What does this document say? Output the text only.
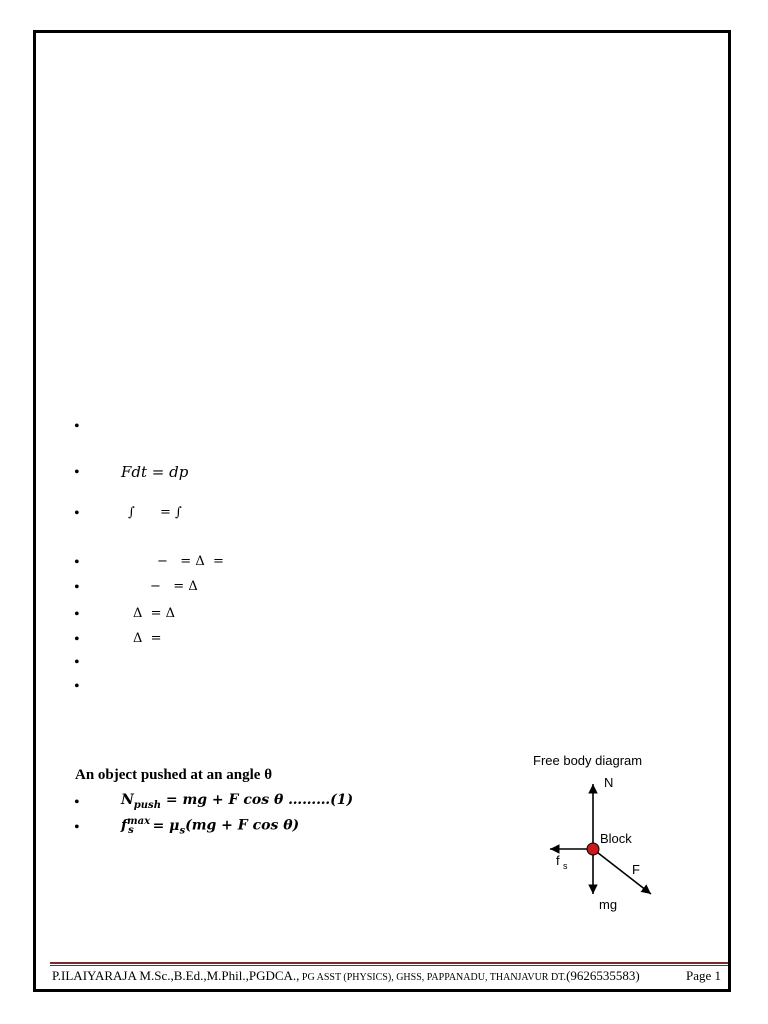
•
•	Fdt = dp
•	∫ = ∫
•	−   = Δ  =
•	−   = Δ
•	Δ  = Δ
•	Δ  =
•
•
An object pushed at an angle θ
•	$N_{push}$ = mg + F cos θ ………(1)
•	$f^{max}_s = \mu_s(mg + F$ cos θ)
Free body diagram
N
Block
f s	F
mg
P.ILAIYARAJA M.Sc.,B.Ed.,M.Phil.,PGDCA., PG ASST (PHYSICS), GHSS, PAPPANADU, THANJAVUR DT.(9626535583)	Page 1
